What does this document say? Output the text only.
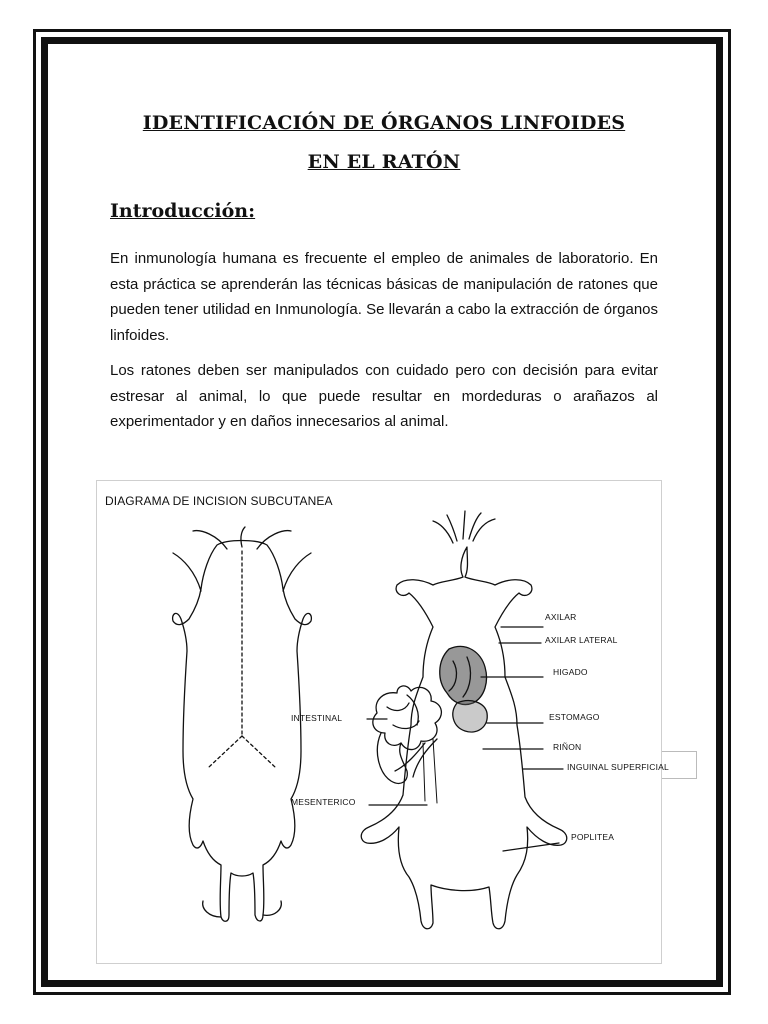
IDENTIFICACIÓN DE ÓRGANOS LINFOIDES
EN EL RATÓN
Introducción:

En inmunología humana es frecuente el empleo de animales de laboratorio. En esta práctica se aprenderán las técnicas básicas de manipulación de ratones que pueden tener utilidad en Inmunología. Se llevarán a cabo la extracción de órganos linfoides.

Los ratones deben ser manipulados con cuidado pero con decisión para evitar estresar al animal, lo que puede resultar en mordeduras o arañazos al experimentador y en daños innecesarios al animal.

DIAGRAMA DE INCISION SUBCUTANEA
AXILAR
AXILAR LATERAL
HIGADO
INTESTINAL	ESTOMAGO
RIÑON
INGUINAL SUPERFICIAL
MESENTERICO
POPLITEA
